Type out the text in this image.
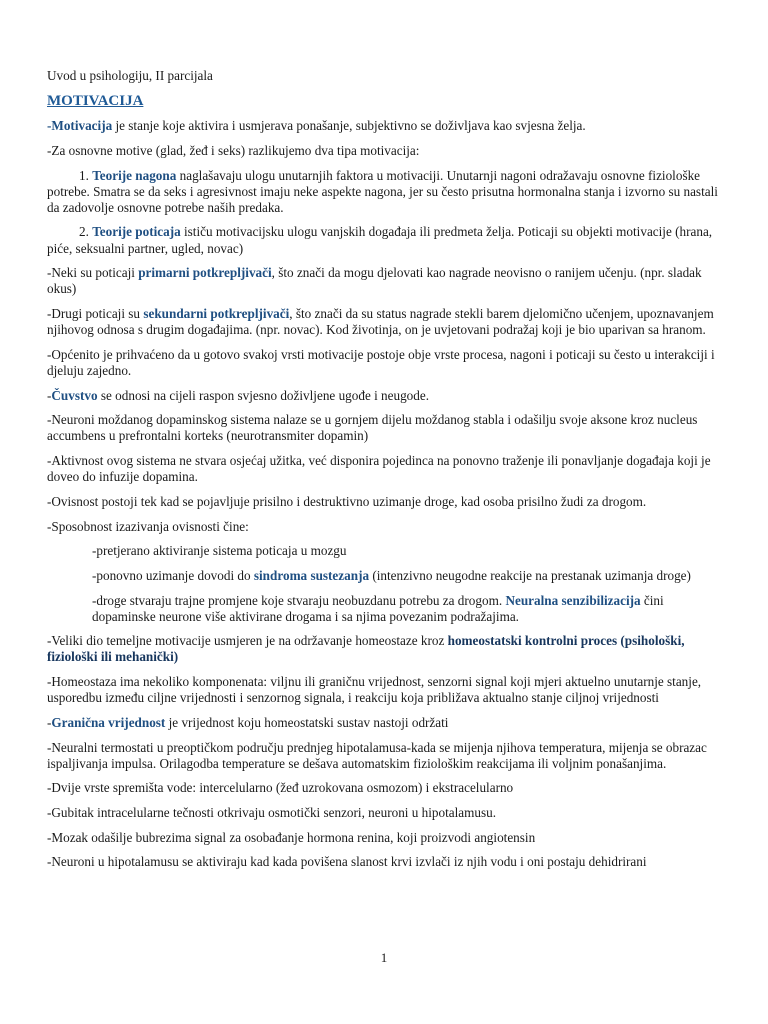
Uvod u psihologiju, II parcijala

MOTIVACIJA

-Motivacija je stanje koje aktivira i usmjerava ponašanje, subjektivno se doživljava kao svjesna želja.

-Za osnovne motive (glad, žeđ i seks) razlikujemo dva tipa motivacija:

1. Teorije nagona naglašavaju ulogu unutarnjih faktora u motivaciji. Unutarnji nagoni odražavaju osnovne fiziološke potrebe. Smatra se da seks i agresivnost imaju neke aspekte nagona, jer su često prisutna hormonalna stanja i izvorno su nastali da zadovolje osnovne potrebe naših predaka.

2. Teorije poticaja ističu motivacijsku ulogu vanjskih događaja ili predmeta želja. Poticaji su objekti motivacije (hrana, piće, seksualni partner, ugled, novac)

-Neki su poticaji primarni potkrepljivači, što znači da mogu djelovati kao nagrade neovisno o ranijem učenju. (npr. sladak okus)

-Drugi poticaji su sekundarni potkrepljivači, što znači da su status nagrade stekli barem djelomično učenjem, upoznavanjem njihovog odnosa s drugim događajima. (npr. novac). Kod životinja, on je uvjetovani podražaj koji je bio uparivan sa hranom.

-Općenito je prihvaćeno da u gotovo svakoj vrsti motivacije postoje obje vrste procesa, nagoni i poticaji su često u interakciji i djeluju zajedno.

-Čuvstvo se odnosi na cijeli raspon svjesno doživljene ugođe i neugode.

-Neuroni moždanog dopaminskog sistema nalaze se u gornjem dijelu moždanog stabla i odašilju svoje aksone kroz nucleus accumbens u prefrontalni korteks (neurotransmiter dopamin)

-Aktivnost ovog sistema ne stvara osjećaj užitka, već disponira pojedinca na ponovno traženje ili ponavljanje događaja koji je doveo do infuzije dopamina.

-Ovisnost postoji tek kad se pojavljuje prisilno i destruktivno uzimanje droge, kad osoba prisilno žudi za drogom.

-Sposobnost izazivanja ovisnosti čine:

-pretjerano aktiviranje sistema poticaja u mozgu

-ponovno uzimanje dovodi do sindroma sustezanja (intenzivno neugodne reakcije na prestanak uzimanja droge)

-droge stvaraju trajne promjene koje stvaraju neobuzdanu potrebu za drogom. Neuralna senzibilizacija čini dopaminske neurone više aktivirane drogama i sa njima povezanim podražajima.

-Veliki dio temeljne motivacije usmjeren je na održavanje homeostaze kroz homeostatski kontrolni proces (psihološki, fiziološki ili mehanički)

-Homeostaza ima nekoliko komponenata: viljnu ili graničnu vrijednost, senzorni signal koji mjeri aktuelno unutarnje stanje, usporedbu između ciljne vrijednosti i senzornog signala, i reakciju koja približava aktualno stanje ciljnoj vrijednosti

-Granična vrijednost je vrijednost koju homeostatski sustav nastoji održati

-Neuralni termostati u preoptičkom području prednjeg hipotalamusa-kada se mijenja njihova temperatura, mijenja se obrazac ispaljivanja impulsa. Orilagodba temperature se dešava automatskim fiziološkim reakcijama ili voljnim ponašanjima.

-Dvije vrste spremišta vode: intercelularno (žeđ uzrokovana osmozom) i ekstracelularno

-Gubitak intracelularne tečnosti otkrivaju osmotički senzori, neuroni u hipotalamusu.

-Mozak odašilje bubrezima signal za osobađanje hormona renina, koji proizvodi angiotensin

-Neuroni u hipotalamusu se aktiviraju kad kada povišena slanost krvi izvlači iz njih vodu i oni postaju dehidrirani

1
